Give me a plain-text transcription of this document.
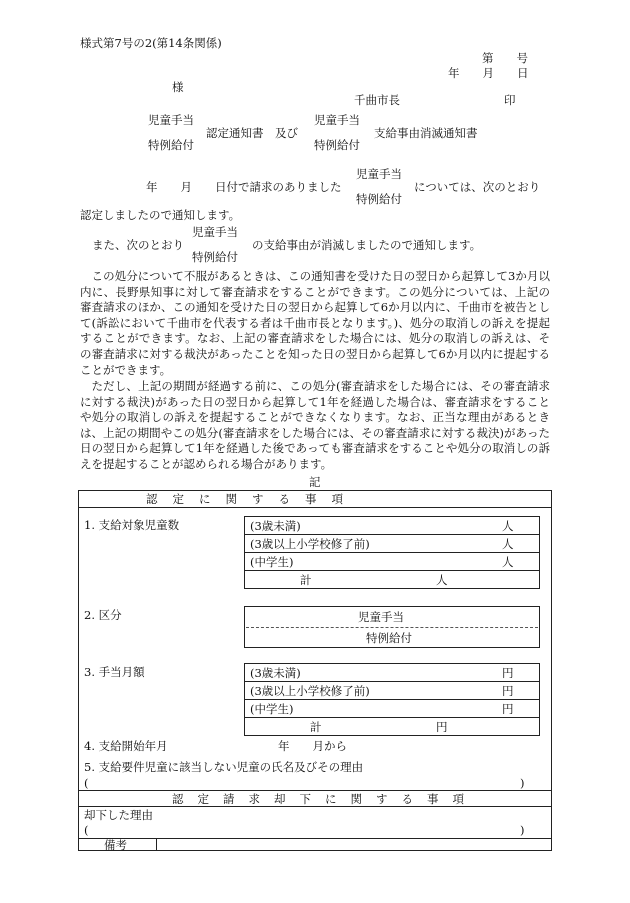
様式第7号の2(第14条関係)
第　　号
年　　月　　日
様
千曲市長	印
児童手当
特例給付
認定通知書　及び
児童手当
特例給付
支給事由消滅通知書
年　　月　　日付で請求のありました
児童手当
特例給付
については、次のとおり
認定しましたので通知します。
また、次のとおり
児童手当
特例給付
の支給事由が消滅しましたので通知します。
この処分について不服があるときは、この通知書を受けた日の翌日から起算して3か月以内に、長野県知事に対して審査請求をすることができます。この処分については、上記の審査請求のほか、この通知を受けた日の翌日から起算して6か月以内に、千曲市を被告として(訴訟において千曲市を代表する者は千曲市長となります。)、処分の取消しの訴えを提起することができます。なお、上記の審査請求をした場合には、処分の取消しの訴えは、その審査請求に対する裁決があったことを知った日の翌日から起算して6か月以内に提起することができます。
ただし、上記の期間が経過する前に、この処分(審査請求をした場合には、その審査請求に対する裁決)があった日の翌日から起算して1年を経過した場合は、審査請求をすることや処分の取消しの訴えを提起することができなくなります。なお、正当な理由があるときは、上記の期間やこの処分(審査請求をした場合には、その審査請求に対する裁決)があった日の翌日から起算して1年を経過した後であっても審査請求をすることや処分の取消しの訴えを提起することが認められる場合があります。
記
認定に関する事項
1. 支給対象児童数	(3歳未満)	人
(3歳以上小学校修了前)	人
(中学生)	人
計	人
2. 区分	児童手当
特例給付
3. 手当月額	(3歳未満)	円
(3歳以上小学校修了前)	円
(中学生)	円
計	円
4. 支給開始年月	年　　月から
5. 支給要件児童に該当しない児童の氏名及びその理由
(	)
認定請求却下に関する事項
却下した理由
(	)
備考
